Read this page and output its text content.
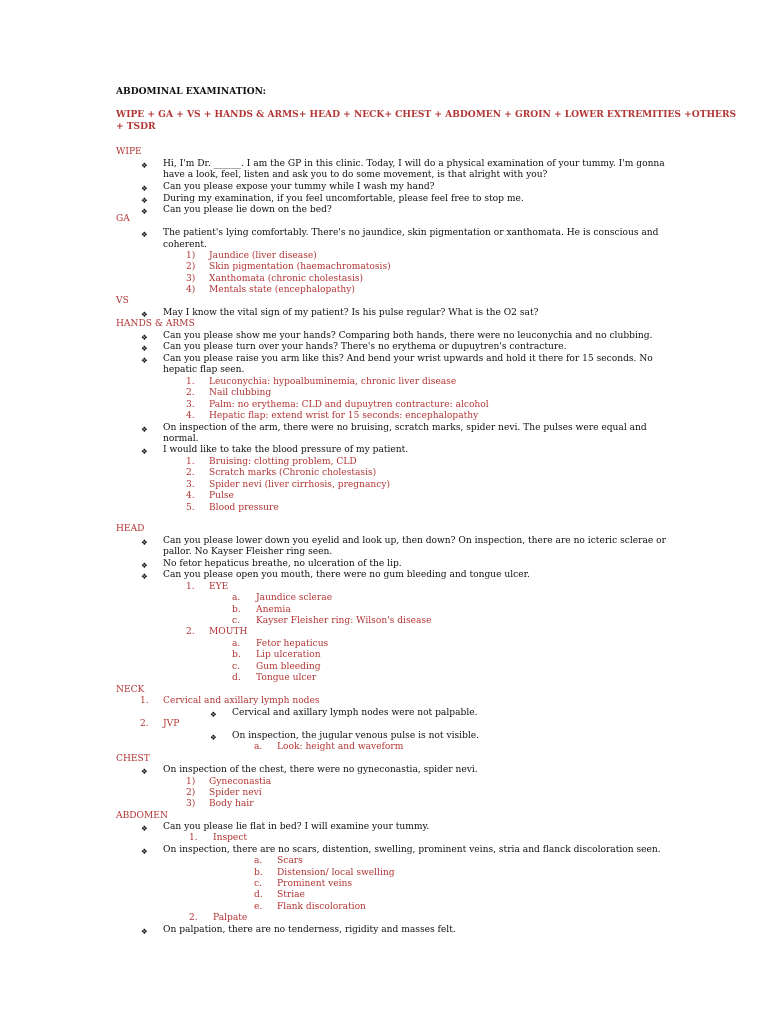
ABDOMINAL EXAMINATION:
WIPE + GA + VS + HANDS & ARMS+ HEAD + NECK+ CHEST + ABDOMEN + GROIN + LOWER EXTREMITIES +OTHERS
+ TSDR
WIPE
❖ Hi, I'm Dr. ______. I am the GP in this clinic. Today, I will do a physical examination of your tummy. I'm gonna
have a look, feel, listen and ask you to do some movement, is that alright with you?
❖ Can you please expose your tummy while I wash my hand?
❖ During my examination, if you feel uncomfortable, please feel free to stop me.
❖ Can you please lie down on the bed?
GA
❖ The patient's lying comfortably. There's no jaundice, skin pigmentation or xanthomata. He is conscious and
coherent.
1) Jaundice (liver disease)
2) Skin pigmentation (haemachromatosis)
3) Xanthomata (chronic cholestasis)
4) Mentals state (encephalopathy)
VS
❖ May I know the vital sign of my patient? Is his pulse regular? What is the O2 sat?
HANDS & ARMS
❖ Can you please show me your hands? Comparing both hands, there were no leuconychia and no clubbing.
❖ Can you please turn over your hands? There's no erythema or dupuytren's contracture.
❖ Can you please raise you arm like this? And bend your wrist upwards and hold it there for 15 seconds. No
hepatic flap seen.
1. Leuconychia: hypoalbuminemia, chronic liver disease
2. Nail clubbing
3. Palm: no erythema: CLD and dupuytren contracture: alcohol
4. Hepatic flap: extend wrist for 15 seconds: encephalopathy
❖ On inspection of the arm, there were no bruising, scratch marks, spider nevi. The pulses were equal and
normal.
❖ I would like to take the blood pressure of my patient.
1. Bruising: clotting problem, CLD
2. Scratch marks (Chronic cholestasis)
3. Spider nevi (liver cirrhosis, pregnancy)
4. Pulse
5. Blood pressure
HEAD
❖ Can you please lower down you eyelid and look up, then down? On inspection, there are no icteric sclerae or
pallor. No Kayser Fleisher ring seen.
❖ No fetor hepaticus breathe, no ulceration of the lip.
❖ Can you please open you mouth, there were no gum bleeding and tongue ulcer.
1. EYE
a. Jaundice sclerae
b. Anemia
c. Kayser Fleisher ring: Wilson's disease
2. MOUTH
a. Fetor hepaticus
b. Lip ulceration
c. Gum bleeding
d. Tongue ulcer
NECK
1. Cervical and axillary lymph nodes
❖ Cervical and axillary lymph nodes were not palpable.
2. JVP
❖ On inspection, the jugular venous pulse is not visible.
a. Look: height and waveform
CHEST
❖ On inspection of the chest, there were no gyneconastia, spider nevi.
1) Gyneconastia
2) Spider nevi
3) Body hair
ABDOMEN
❖ Can you please lie flat in bed? I will examine your tummy.
1. Inspect
❖ On inspection, there are no scars, distention, swelling, prominent veins, stria and flanck discoloration seen.
a. Scars
b. Distension/ local swelling
c. Prominent veins
d. Striae
e. Flank discoloration
2. Palpate
❖ On palpation, there are no tenderness, rigidity and masses felt.
